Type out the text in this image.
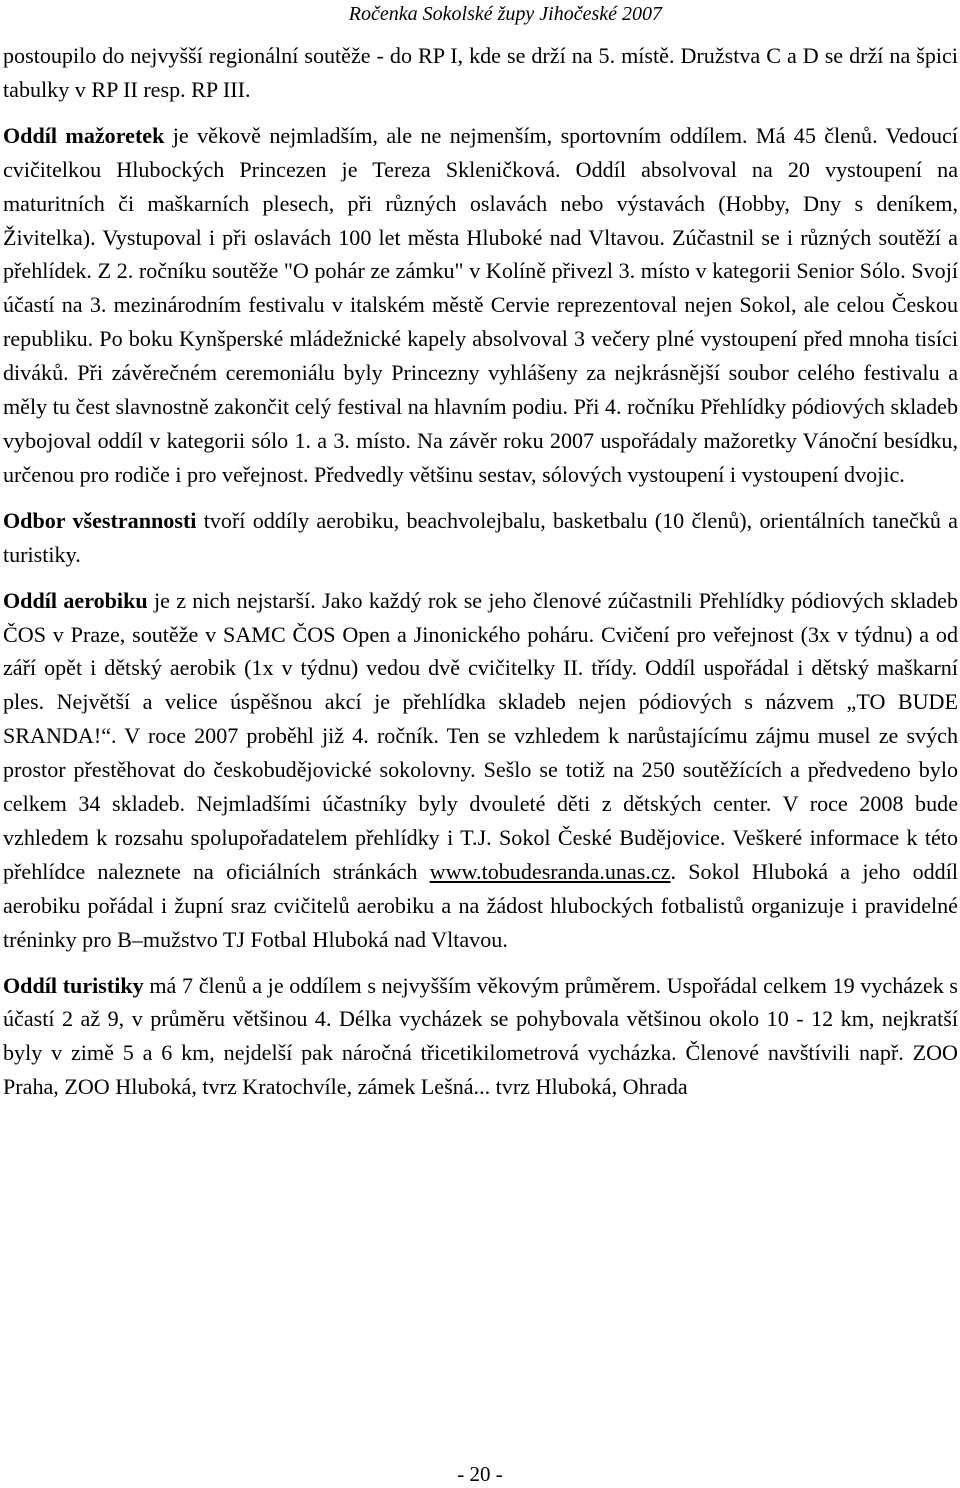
Ročenka Sokolské župy Jihočeské 2007

postoupilo do nejvyšší regionální soutěže - do RP I, kde se drží na 5. místě. Družstva C a D se drží na špici tabulky v RP II resp. RP III.

Oddíl mažoretek je věkově nejmladším, ale ne nejmenším, sportovním oddílem. Má 45 členů. Vedoucí cvičitelkou Hlubockých Princezen je Tereza Skleničková. Oddíl absolvoval na 20 vystoupení na maturitních či maškarních plesech, při různých oslavách nebo výstavách (Hobby, Dny s deníkem, Živitelka). Vystupoval i při oslavách 100 let města Hluboké nad Vltavou. Zúčastnil se i různých soutěží a přehlídek. Z 2. ročníku soutěže "O pohár ze zámku" v Kolíně přivezl 3. místo v kategorii Senior Sólo. Svojí účastí na 3. mezinárodním festivalu v italském městě Cervie reprezentoval nejen Sokol, ale celou Českou republiku. Po boku Kynšperské mládežnické kapely absolvoval 3 večery plné vystoupení před mnoha tisíci diváků. Při závěrečném ceremoniálu byly Princezny vyhlášeny za nejkrásnější soubor celého festivalu a měly tu čest slavnostně zakončit celý festival na hlavním podiu. Při 4. ročníku Přehlídky pódiových skladeb vybojoval oddíl v kategorii sólo 1. a 3. místo. Na závěr roku 2007 uspořádaly mažoretky Vánoční besídku, určenou pro rodiče i pro veřejnost. Předvedly většinu sestav, sólových vystoupení i vystoupení dvojic.

Odbor všestrannosti tvoří oddíly aerobiku, beachvolejbalu, basketbalu (10 členů), orientálních tanečků a turistiky.

Oddíl aerobiku je z nich nejstarší. Jako každý rok se jeho členové zúčastnili Přehlídky pódiových skladeb ČOS v Praze, soutěže v SAMC ČOS Open a Jinonického poháru. Cvičení pro veřejnost (3x v týdnu) a od září opět i dětský aerobik (1x v týdnu) vedou dvě cvičitelky II. třídy. Oddíl uspořádal i dětský maškarní ples. Největší a velice úspěšnou akcí je přehlídka skladeb nejen pódiových s názvem „TO BUDE SRANDA!“. V roce 2007 proběhl již 4. ročník. Ten se vzhledem k narůstajícímu zájmu musel ze svých prostor přestěhovat do českobudějovické sokolovny. Sešlo se totiž na 250 soutěžících a předvedeno bylo celkem 34 skladeb. Nejmladšími účastníky byly dvouleté děti z dětských center. V roce 2008 bude vzhledem k rozsahu spolupořadatelem přehlídky i T.J. Sokol České Budějovice. Veškeré informace k této přehlídce naleznete na oficiálních stránkách www.tobudesranda.unas.cz. Sokol Hluboká a jeho oddíl aerobiku pořádal i župní sraz cvičitelů aerobiku a na žádost hlubockých fotbalistů organizuje i pravidelné tréninky pro B–mužstvo TJ Fotbal Hluboká nad Vltavou.

Oddíl turistiky má 7 členů a je oddílem s nejvyšším věkovým průměrem. Uspořádal celkem 19 vycházek s účastí 2 až 9, v průměru většinou 4. Délka vycházek se pohybovala většinou okolo 10 - 12 km, nejkratší byly v zimě 5 a 6 km, nejdelší pak náročná třicetikilometrová vycházka. Členové navštívili např. ZOO Praha, ZOO Hluboká, tvrz Kratochvíle, zámek Lešná... tvrz Hluboká, Ohrada

- 20 -
